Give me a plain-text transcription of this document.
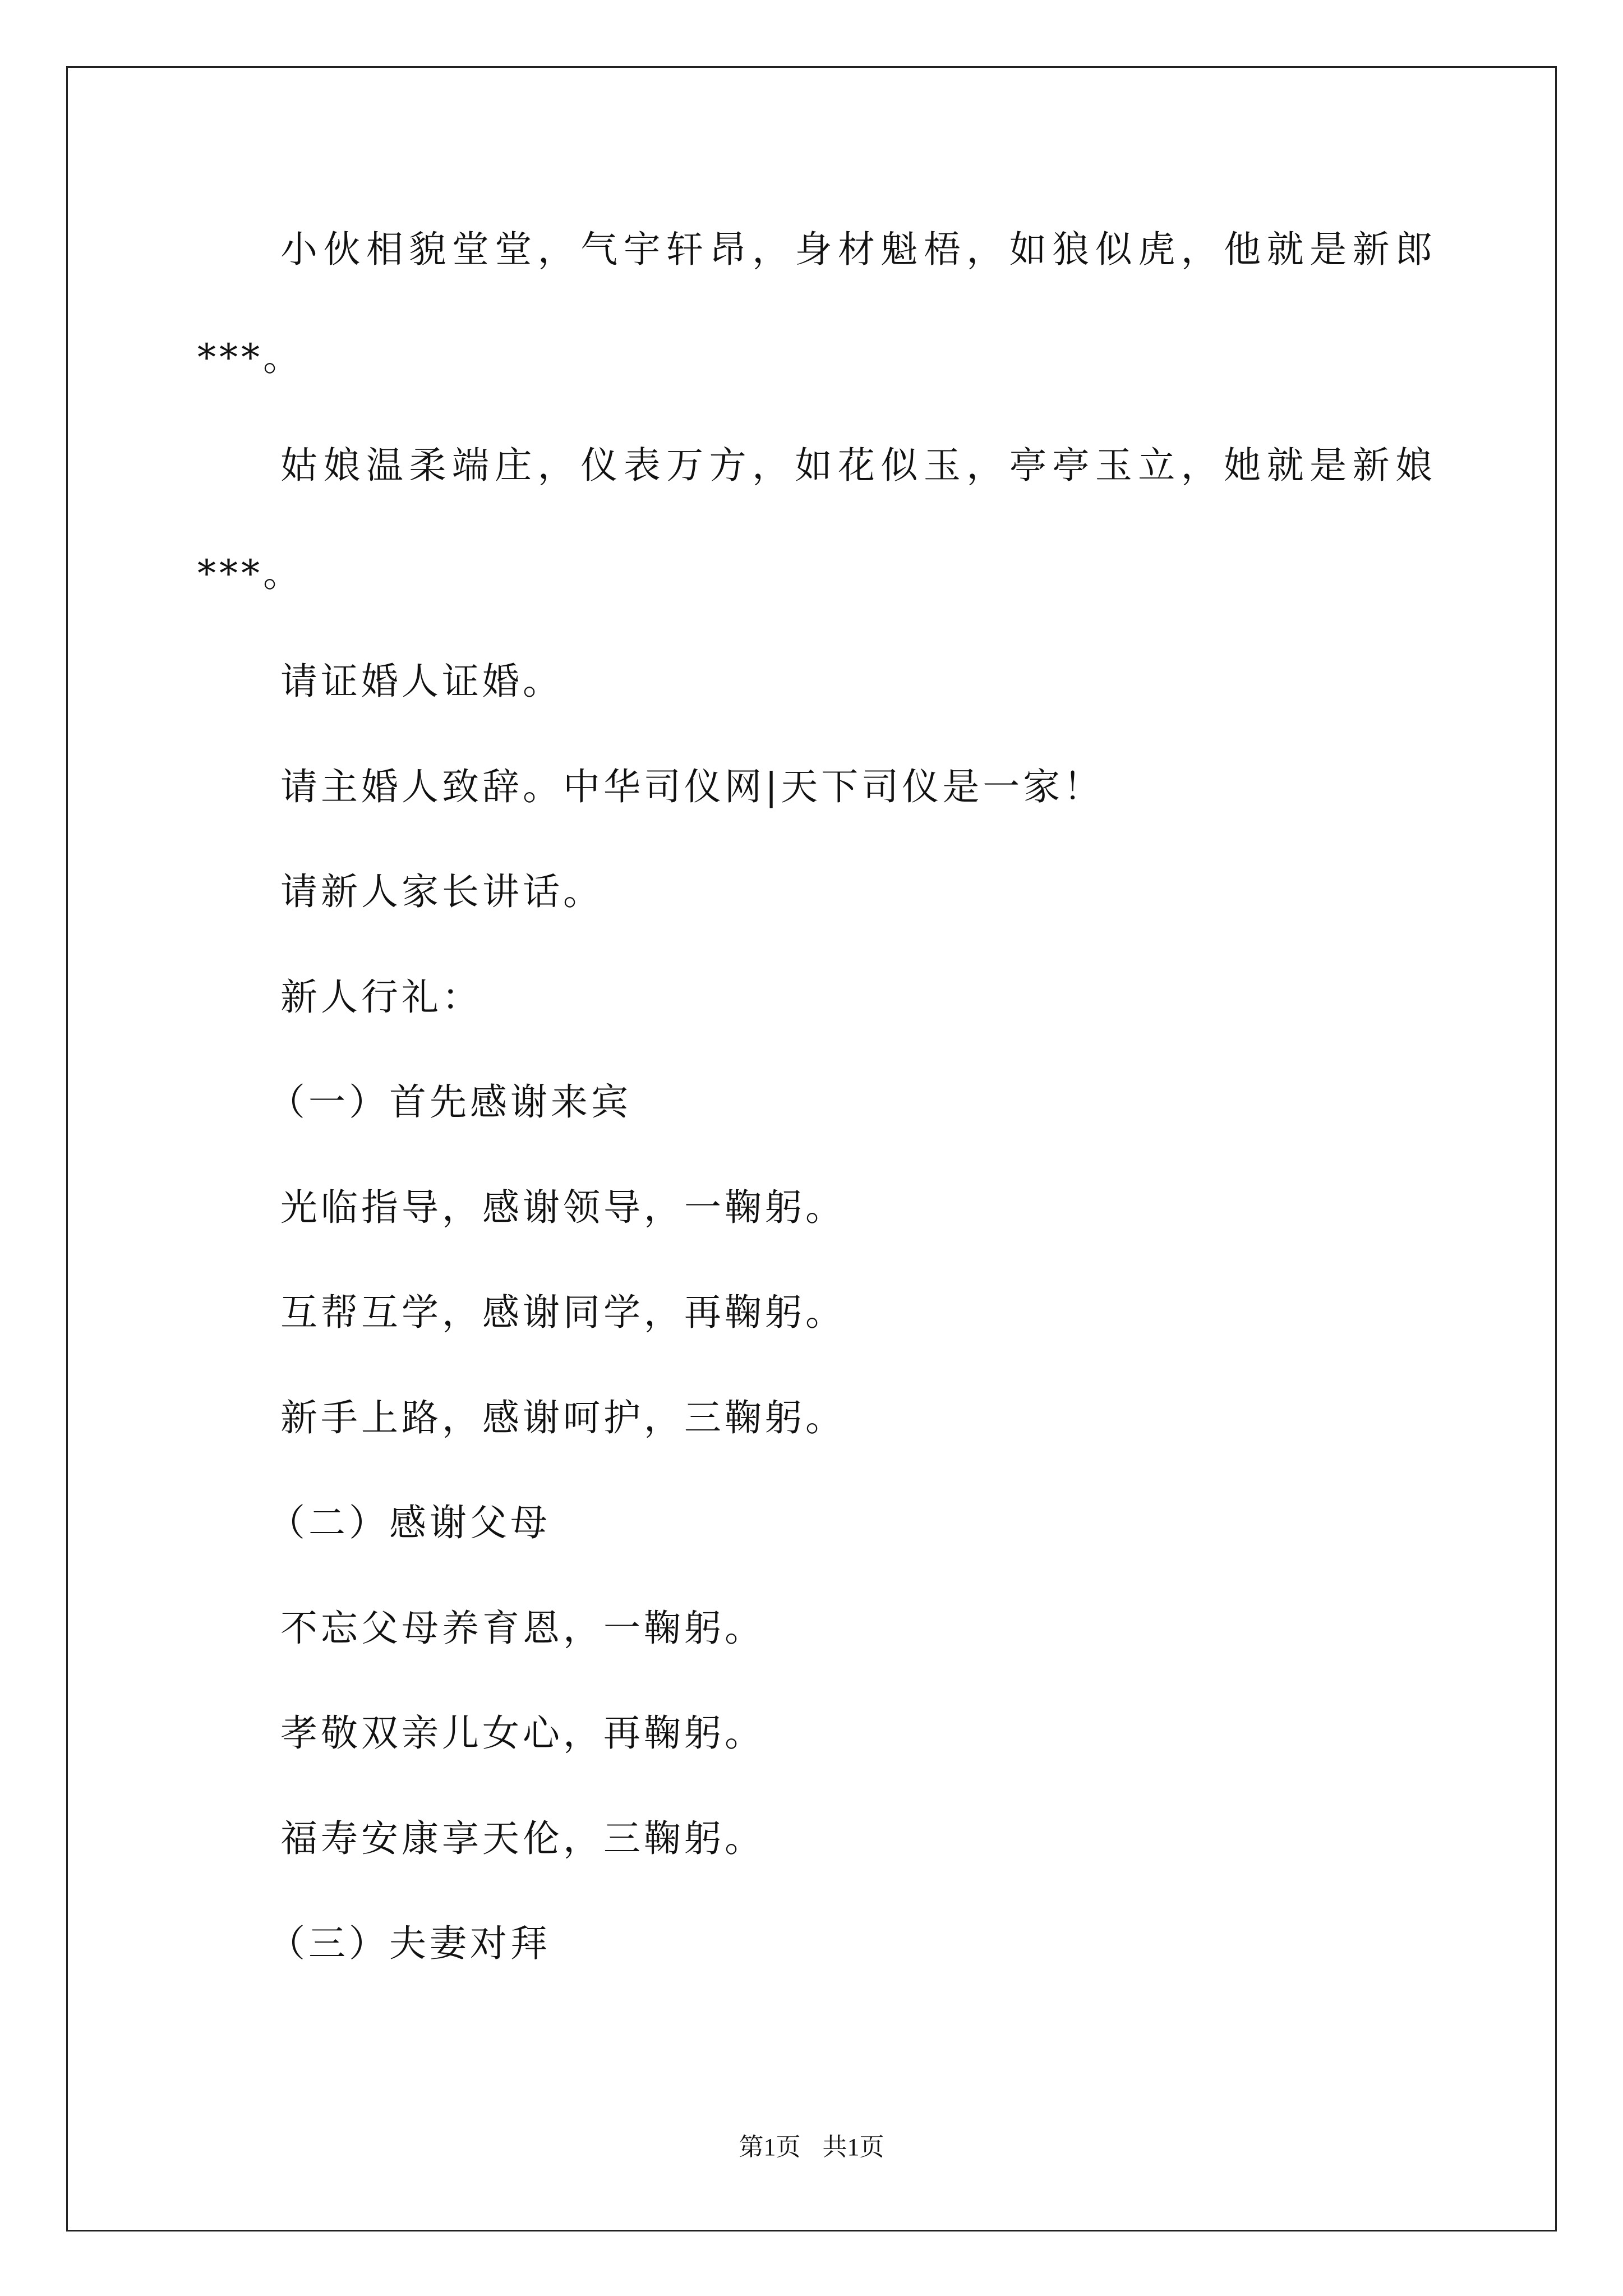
小伙相貌堂堂，气宇轩昂，身材魁梧，如狼似虎，他就是新郎
***。
姑娘温柔端庄，仪表万方，如花似玉，亭亭玉立，她就是新娘
***。
请证婚人证婚。
请主婚人致辞。中华司仪网|天下司仪是一家！
请新人家长讲话。
新人行礼：
（一）首先感谢来宾
光临指导，感谢领导，一鞠躬。
互帮互学，感谢同学，再鞠躬。
新手上路，感谢呵护，三鞠躬。
（二）感谢父母
不忘父母养育恩，一鞠躬。
孝敬双亲儿女心，再鞠躬。
福寿安康享天伦，三鞠躬。
（三）夫妻对拜
第1页 共1页
